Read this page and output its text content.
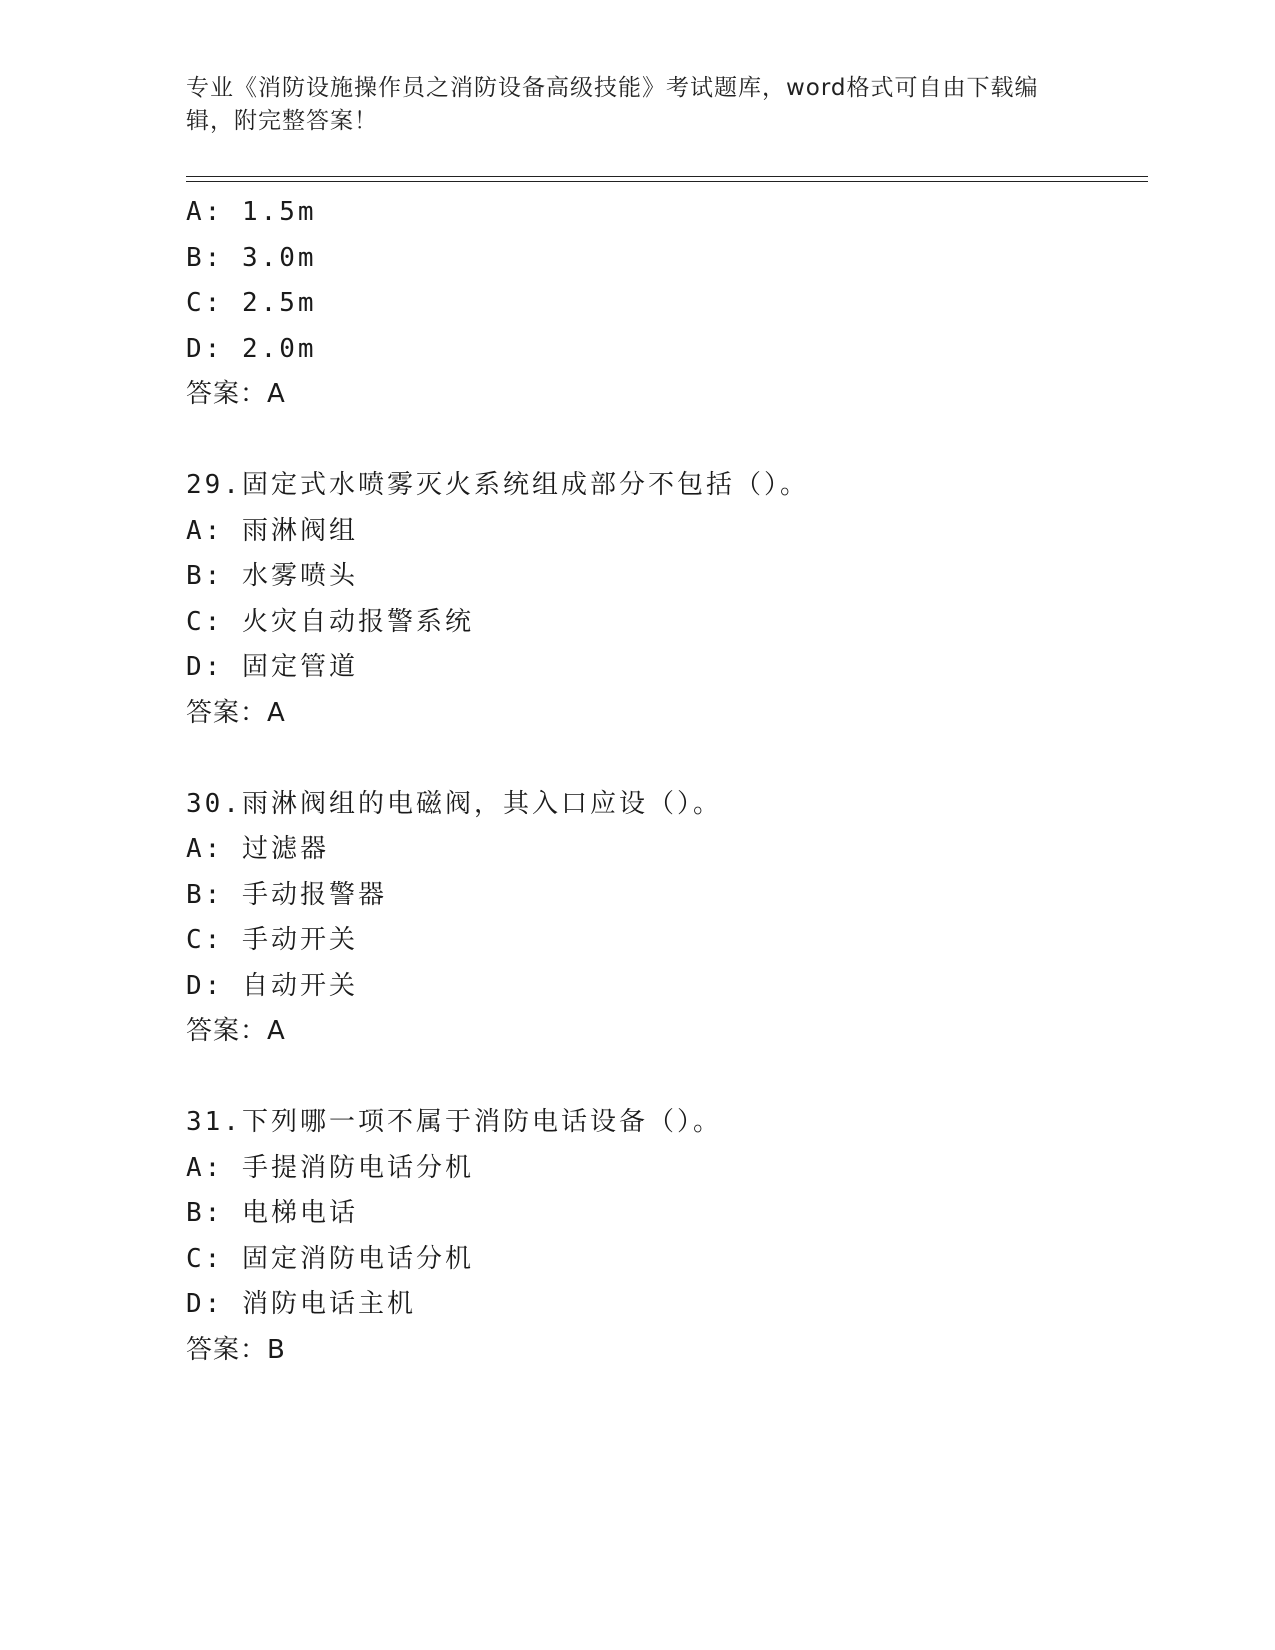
专业《消防设施操作员之消防设备高级技能》考试题库，word格式可自由下载编
辑，附完整答案！
A: 1.5m
B: 3.0m
C: 2.5m
D: 2.0m
答案：A
29.固定式水喷雾灭火系统组成部分不包括（）。
A: 雨淋阀组
B: 水雾喷头
C: 火灾自动报警系统
D: 固定管道
答案：A
30.雨淋阀组的电磁阀，其入口应设（）。
A: 过滤器
B: 手动报警器
C: 手动开关
D: 自动开关
答案：A
31.下列哪一项不属于消防电话设备（）。
A: 手提消防电话分机
B: 电梯电话
C: 固定消防电话分机
D: 消防电话主机
答案：B
